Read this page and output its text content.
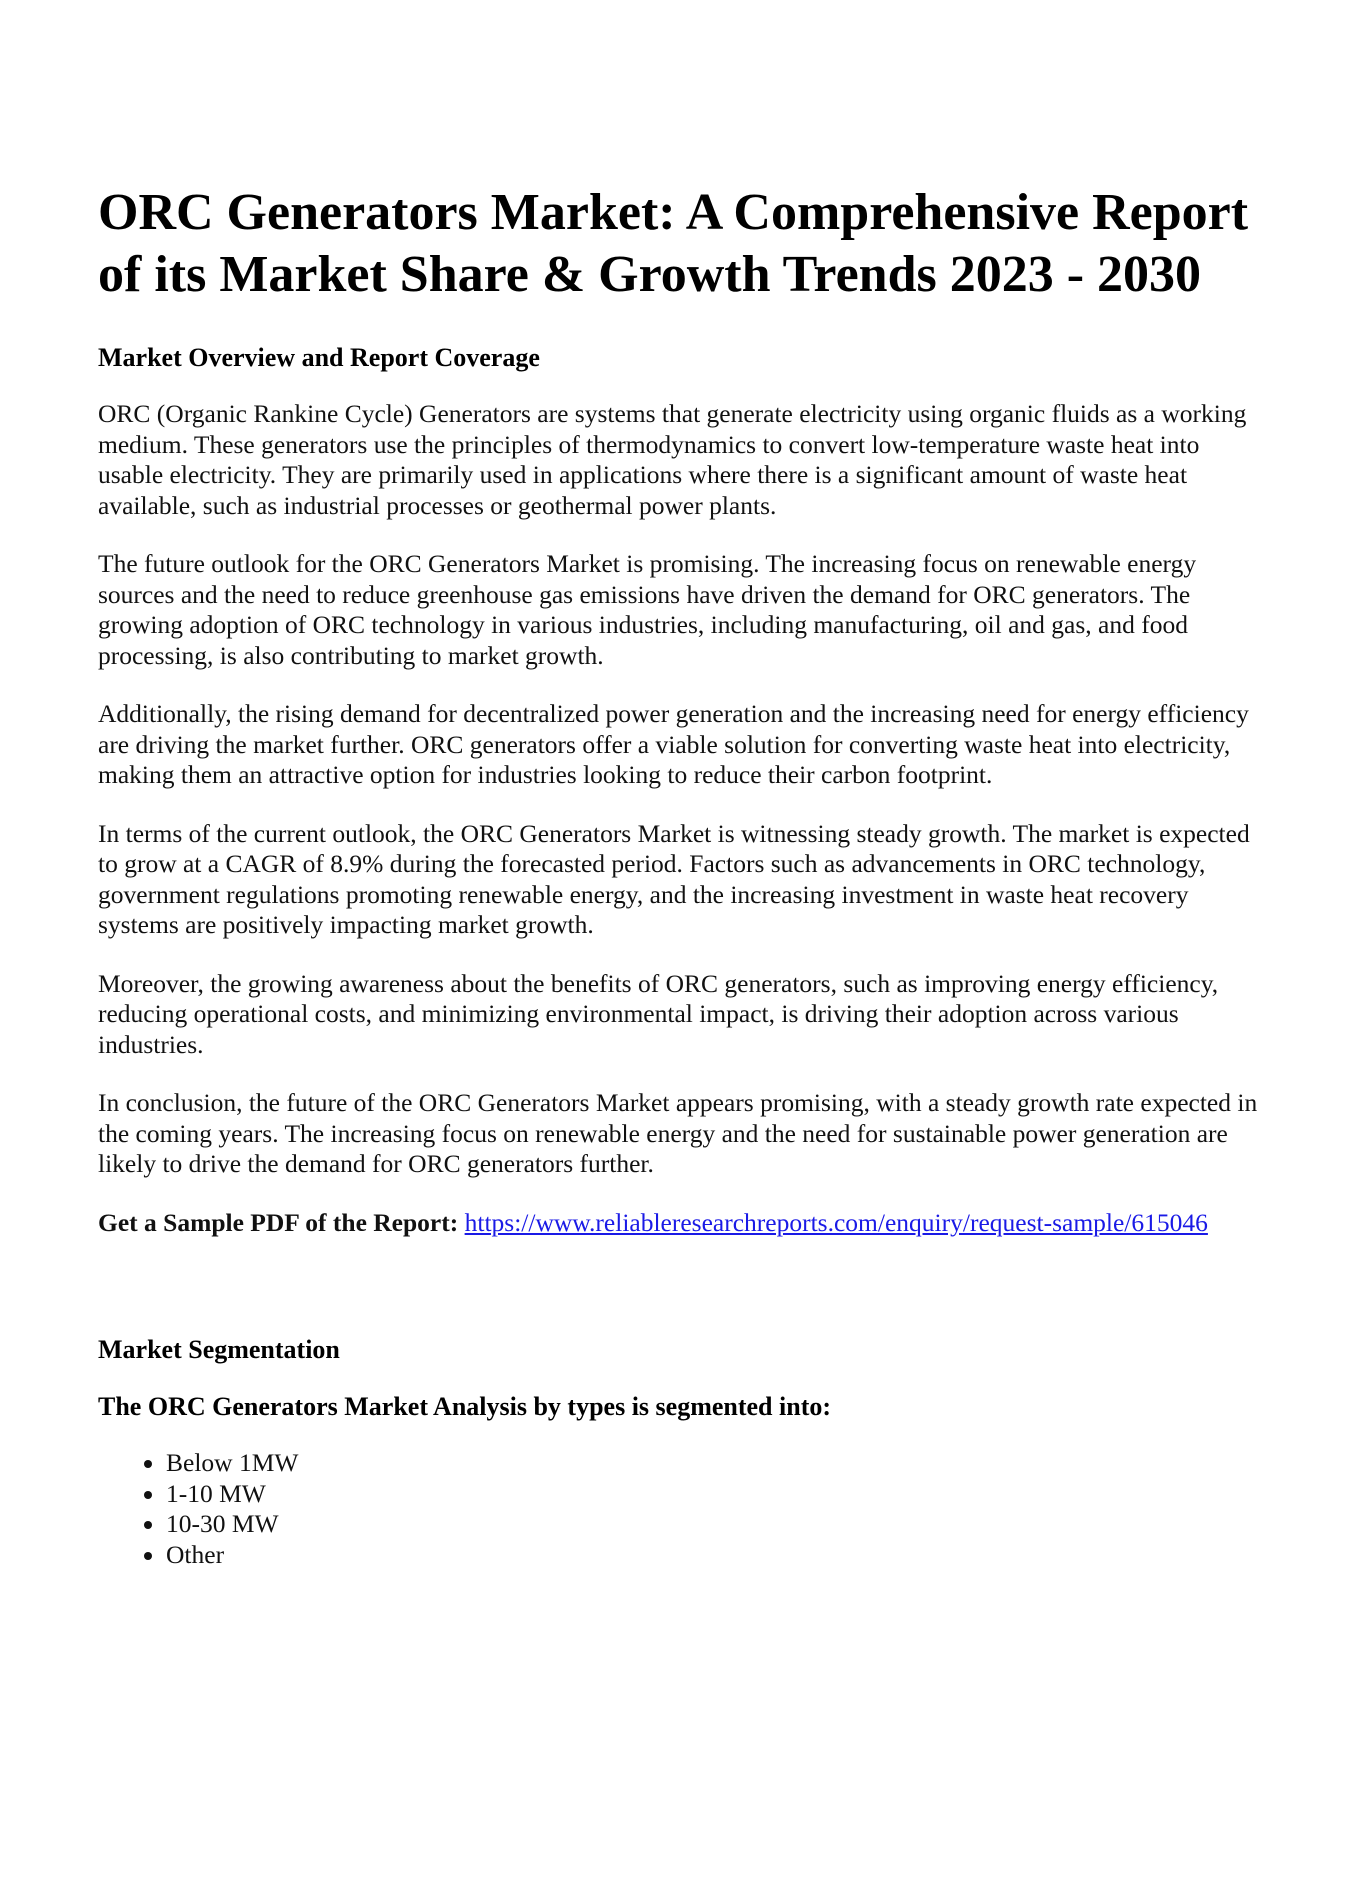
ORC Generators Market: A Comprehensive Report of its Market Share & Growth Trends 2023 - 2030
Market Overview and Report Coverage

ORC (Organic Rankine Cycle) Generators are systems that generate electricity using organic fluids as a working medium. These generators use the principles of thermodynamics to convert low-temperature waste heat into usable electricity. They are primarily used in applications where there is a significant amount of waste heat available, such as industrial processes or geothermal power plants.

The future outlook for the ORC Generators Market is promising. The increasing focus on renewable energy sources and the need to reduce greenhouse gas emissions have driven the demand for ORC generators. The growing adoption of ORC technology in various industries, including manufacturing, oil and gas, and food processing, is also contributing to market growth.

Additionally, the rising demand for decentralized power generation and the increasing need for energy efficiency are driving the market further. ORC generators offer a viable solution for converting waste heat into electricity, making them an attractive option for industries looking to reduce their carbon footprint.

In terms of the current outlook, the ORC Generators Market is witnessing steady growth. The market is expected to grow at a CAGR of 8.9% during the forecasted period. Factors such as advancements in ORC technology, government regulations promoting renewable energy, and the increasing investment in waste heat recovery systems are positively impacting market growth.

Moreover, the growing awareness about the benefits of ORC generators, such as improving energy efficiency, reducing operational costs, and minimizing environmental impact, is driving their adoption across various industries.

In conclusion, the future of the ORC Generators Market appears promising, with a steady growth rate expected in the coming years. The increasing focus on renewable energy and the need for sustainable power generation are likely to drive the demand for ORC generators further.

Get a Sample PDF of the Report: https://www.reliableresearchreports.com/enquiry/request-sample/615046

Market Segmentation
The ORC Generators Market Analysis by types is segmented into:
• Below 1MW
• 1-10 MW
• 10-30 MW
• Other
